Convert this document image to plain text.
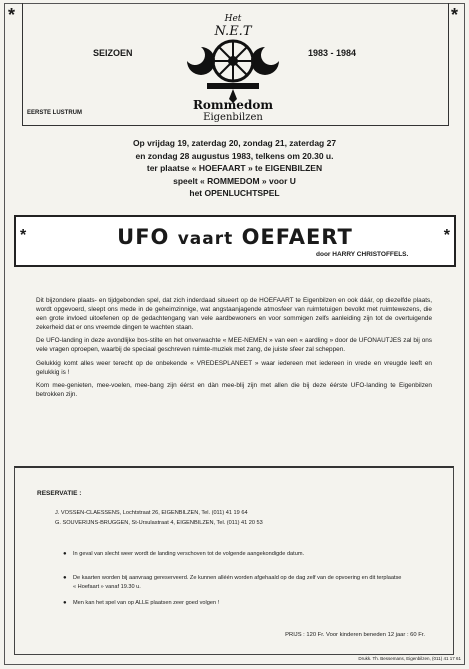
*	*
SEIZOEN	1983 - 1984
EERSTE LUSTRUM
Het
N.E.T
Rommedom
Eigenbilzen
Op vrijdag 19, zaterdag 20, zondag 21, zaterdag 27
en zondag 28 augustus 1983, telkens om 20.30 u.
ter plaatse « HOEFAART » te EIGENBILZEN
speelt « ROMMEDOM » voor U
het OPENLUCHTSPEL
*	*
UFO vaart OEFAERT
door HARRY CHRISTOFFELS.

Dit bijzondere plaats- en tijdgebonden spel, dat zich inderdaad situeert op de HOEFAART te Eigenbilzen en ook dáár, op diezelfde plaats, wordt opgevoerd, sleept ons mede in de geheimzinnige, wat angstaanjagende atmosfeer van ruimtetuigen bevolkt met ruimtewezens, die een grote invloed uitoefenen op de gedachtengang van vele aardbewoners en voor sommigen zelfs aanleiding zijn tot de overtuigende zekerheid dat er ons vreemde dingen te wachten staan.

De UFO-landing in deze avondlijke bos-stilte en het onverwachte « MEE-NEMEN » van een « aardling » door de UFONAUTJES zal bij ons vele vragen oproepen, waarbij de speciaal geschreven ruimte-muziek met zang, de juiste sfeer zal scheppen.

Gelukkig komt alles weer terecht op de onbekende « VREDESPLANEET » waar iedereen met iedereen in vrede en vreugde leeft en gelukkig is !

Kom mee-genieten, mee-voelen, mee-bang zijn éérst en dàn mee-blij zijn met allen die bij deze éérste UFO-landing te Eigenbilzen betrokken zijn.

RESERVATIE :
J. VOSSEN-CLAESSENS, Lochtstraat 26, EIGENBILZEN, Tel. (011) 41 19 64
G. SOUVERIJNS-BRUGGEN, St-Ursulastraat 4, EIGENBILZEN, Tel. (011) 41 20 53
● In geval van slecht weer wordt de landing verschoven tot de volgende aangekondigde datum.
● De kaarten worden bij aanvraag gereserveerd. Ze kunnen alléén worden afgehaald op de dag zelf van de opvoering en dit terplaatse « Hoefaart » vanaf 19.30 u.
● Men kan het spel van op ALLE plaatsen zeer goed volgen !
PRIJS : 120 Fr. Voor kinderen beneden 12 jaar : 60 Fr.
Drukk. Th. Bessemans, Eigenbilzen, (011) 41 17 61
